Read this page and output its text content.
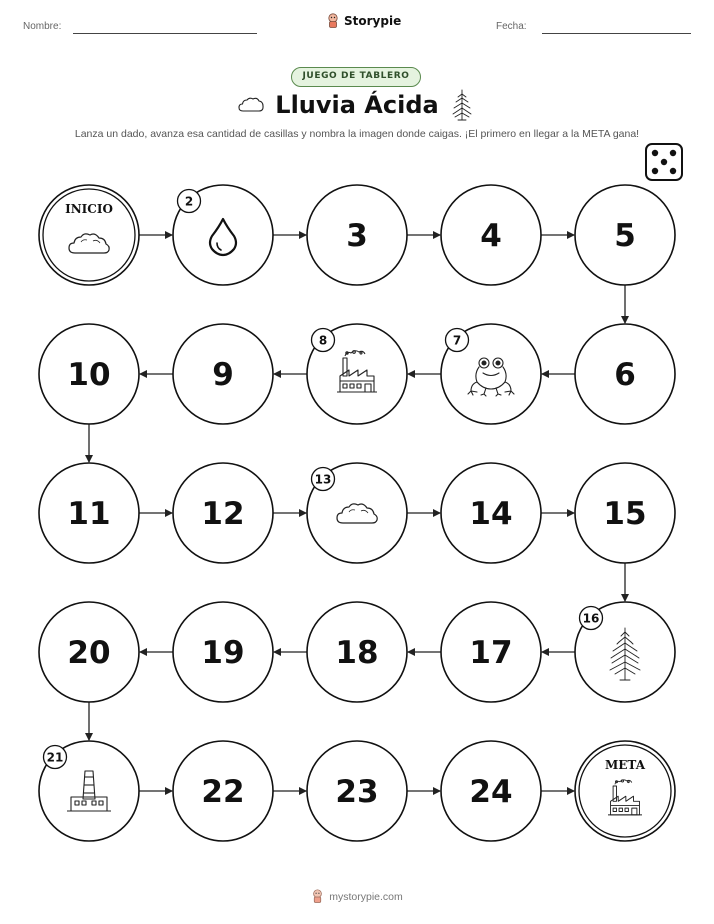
Nombre:	Storypie	Fecha:
JUEGO DE TABLERO
Lluvia Ácida
Lanza un dado, avanza esa cantidad de casillas y nombra la imagen donde caigas. ¡El primero en llegar a la META gana!
INICIO
2
3	4	5
6
7
8
9
10
11	12
13
14	15
16
17
18
19
20
21
22	23	24
META
mystorypie.com
